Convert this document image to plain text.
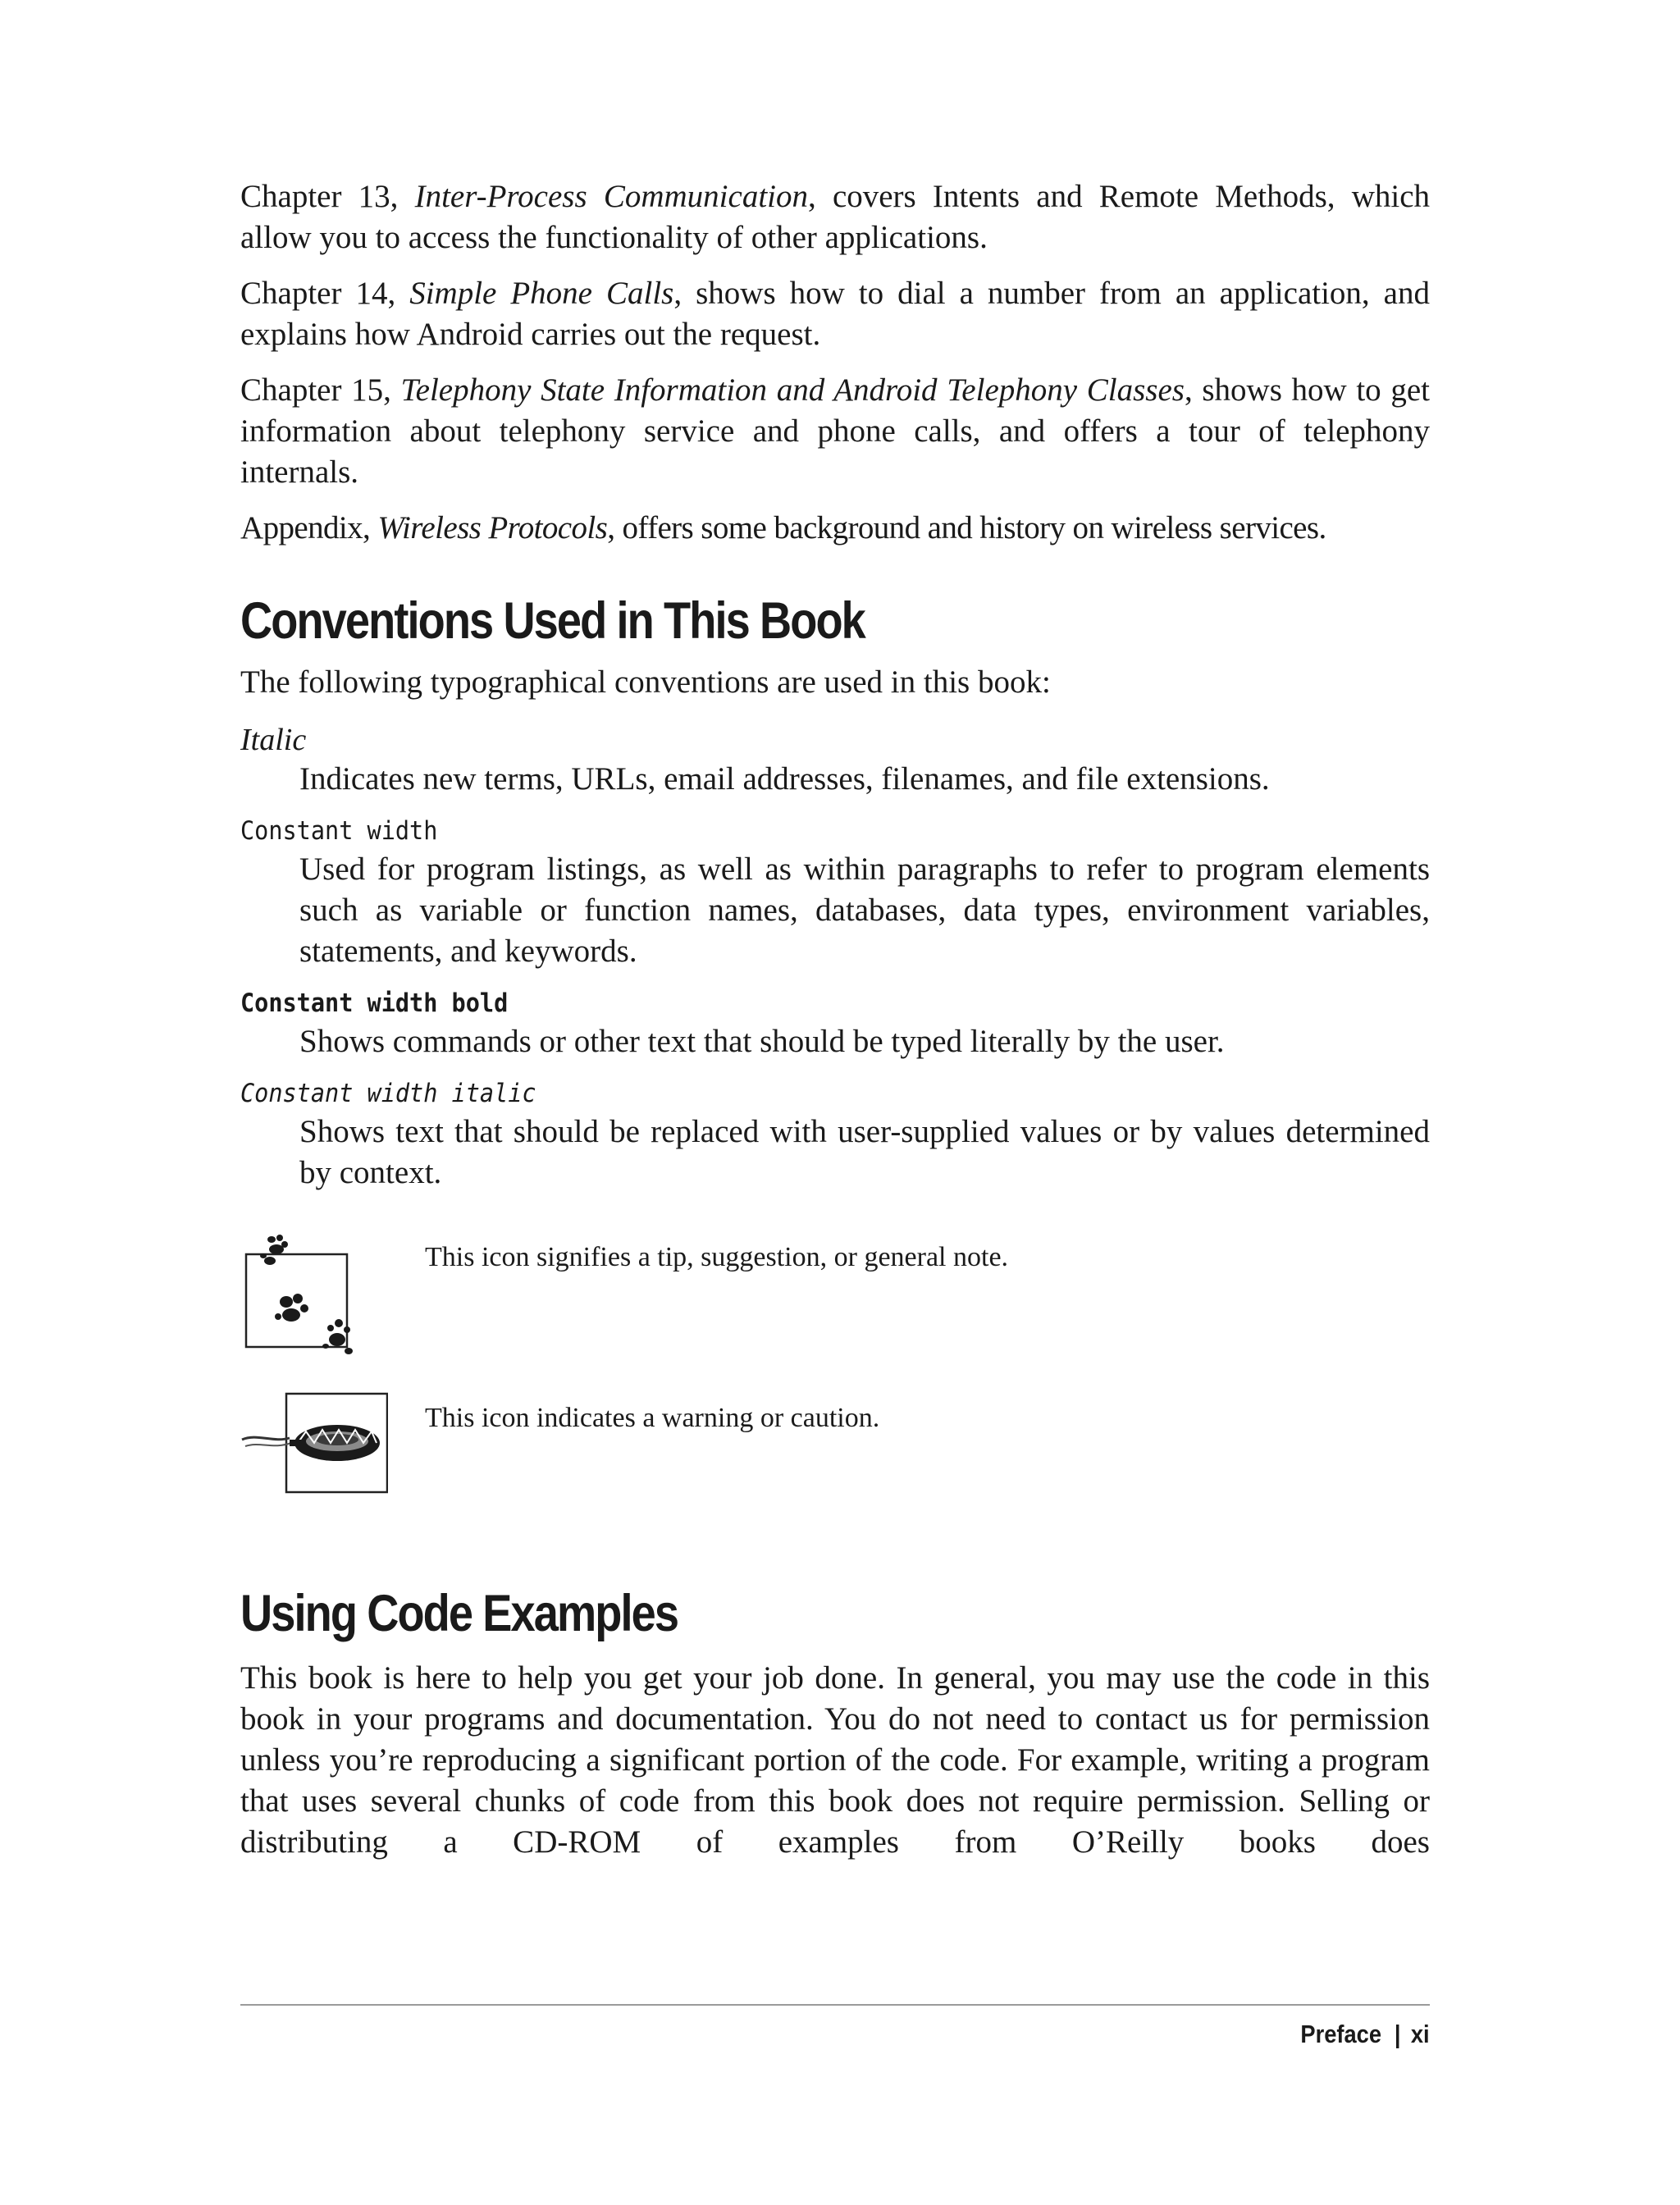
Chapter 13, Inter-Process Communication, covers Intents and Remote Methods, which allow you to access the functionality of other applications.

Chapter 14, Simple Phone Calls, shows how to dial a number from an application, and explains how Android carries out the request.

Chapter 15, Telephony State Information and Android Telephony Classes, shows how to get information about telephony service and phone calls, and offers a tour of telephony internals.

Appendix, Wireless Protocols, offers some background and history on wireless services.

Conventions Used in This Book

The following typographical conventions are used in this book:

Italic
Indicates new terms, URLs, email addresses, filenames, and file extensions.
Constant width
Used for program listings, as well as within paragraphs to refer to program elements such as variable or function names, databases, data types, environment variables, statements, and keywords.
Constant width bold
Shows commands or other text that should be typed literally by the user.
Constant width italic
Shows text that should be replaced with user-supplied values or by values determined by context.
This icon signifies a tip, suggestion, or general note.
This icon indicates a warning or caution.
Using Code Examples

This book is here to help you get your job done. In general, you may use the code in this book in your programs and documentation. You do not need to contact us for permission unless you’re reproducing a significant portion of the code. For example, writing a program that uses several chunks of code from this book does not require permission. Selling or distributing a CD-ROM of examples from O’Reilly books does

Preface | xi
